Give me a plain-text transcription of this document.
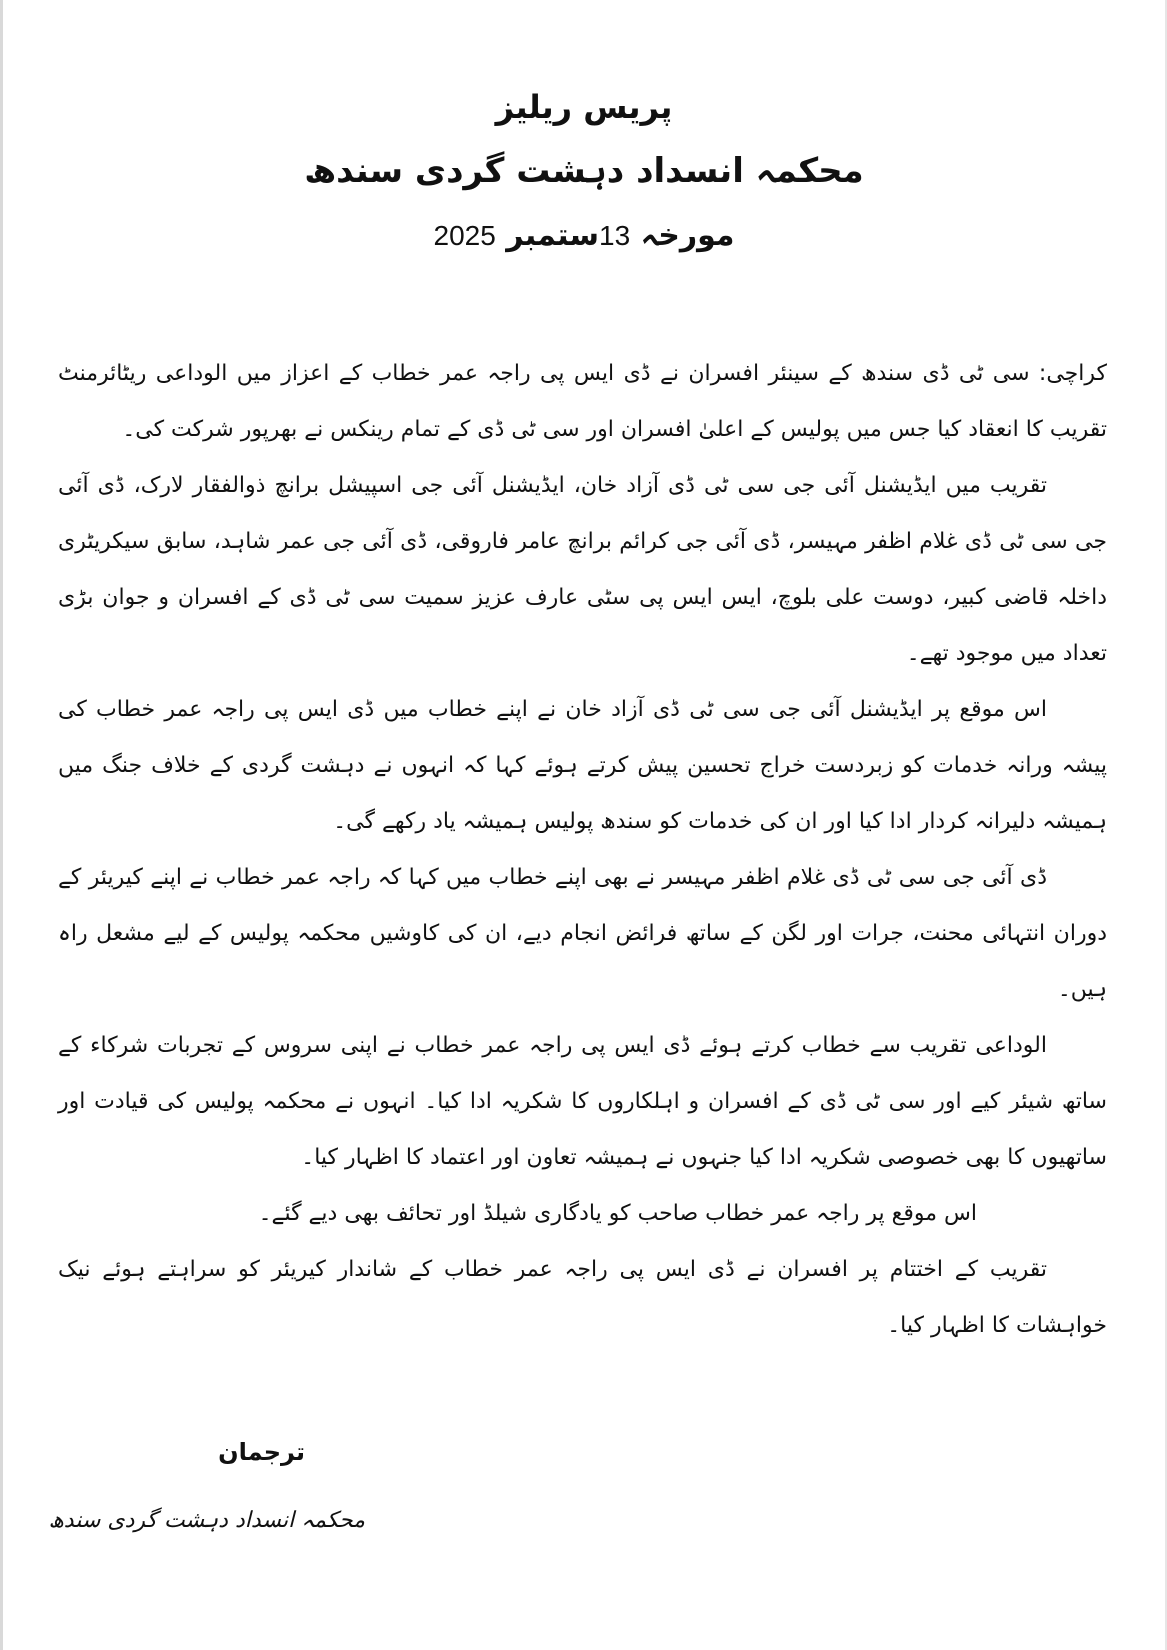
پریس ریلیز
محکمہ انسداد دہشت گردی سندھ
مورخہ 13ستمبر 2025

کراچی: سی ٹی ڈی سندھ کے سینئر افسران نے ڈی ایس پی راجہ عمر خطاب کے اعزاز میں الوداعی ریٹائرمنٹ تقریب کا انعقاد کیا جس میں پولیس کے اعلیٰ افسران اور سی ٹی ڈی کے تمام رینکس نے بھرپور شرکت کی۔

تقریب میں ایڈیشنل آئی جی سی ٹی ڈی آزاد خان، ایڈیشنل آئی جی اسپیشل برانچ ذوالفقار لارک، ڈی آئی جی سی ٹی ڈی غلام اظفر مہیسر، ڈی آئی جی کرائم برانچ عامر فاروقی، ڈی آئی جی عمر شاہد، سابق سیکریٹری داخلہ قاضی کبیر، دوست علی بلوچ، ایس ایس پی سٹی عارف عزیز سمیت سی ٹی ڈی کے افسران و جوان بڑی تعداد میں موجود تھے۔

اس موقع پر ایڈیشنل آئی جی سی ٹی ڈی آزاد خان نے اپنے خطاب میں ڈی ایس پی راجہ عمر خطاب کی پیشہ ورانہ خدمات کو زبردست خراج تحسین پیش کرتے ہوئے کہا کہ انہوں نے دہشت گردی کے خلاف جنگ میں ہمیشہ دلیرانہ کردار ادا کیا اور ان کی خدمات کو سندھ پولیس ہمیشہ یاد رکھے گی۔

ڈی آئی جی سی ٹی ڈی غلام اظفر مہیسر نے بھی اپنے خطاب میں کہا کہ راجہ عمر خطاب نے اپنے کیریئر کے دوران انتہائی محنت، جرات اور لگن کے ساتھ فرائض انجام دیے، ان کی کاوشیں محکمہ پولیس کے لیے مشعل راہ ہیں۔

الوداعی تقریب سے خطاب کرتے ہوئے ڈی ایس پی راجہ عمر خطاب نے اپنی سروس کے تجربات شرکاء کے ساتھ شیئر کیے اور سی ٹی ڈی کے افسران و اہلکاروں کا شکریہ ادا کیا۔ انہوں نے محکمہ پولیس کی قیادت اور ساتھیوں کا بھی خصوصی شکریہ ادا کیا جنہوں نے ہمیشہ تعاون اور اعتماد کا اظہار کیا۔

اس موقع پر راجہ عمر خطاب صاحب کو یادگاری شیلڈ اور تحائف بھی دیے گئے۔

تقریب کے اختتام پر افسران نے ڈی ایس پی راجہ عمر خطاب کے شاندار کیریئر کو سراہتے ہوئے نیک خواہشات کا اظہار کیا۔

ترجمان
محکمہ انسداد دہشت گردی سندھ
